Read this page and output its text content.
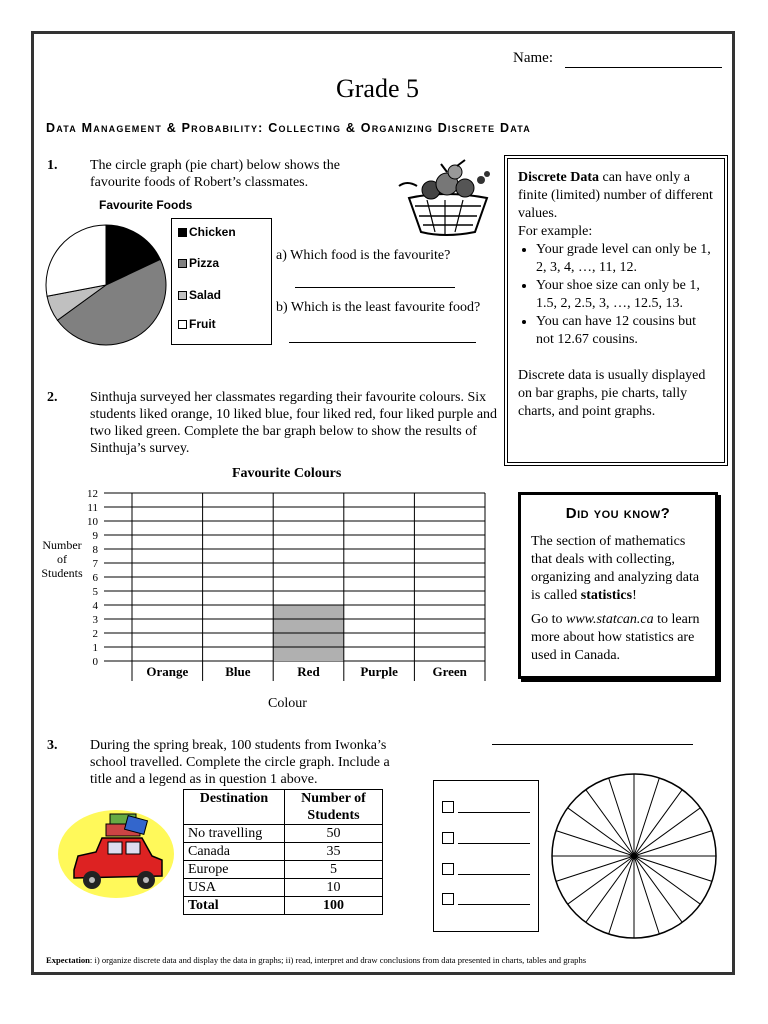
Name:
Grade 5
Data Management & Probability: Collecting & Organizing Discrete Data
1. The circle graph (pie chart) below shows the favourite foods of Robert’s classmates.
Favourite Foods
Chicken
Pizza
Salad
Fruit
a) Which food is the favourite?
b) Which is the least favourite food?
Discrete Data can have only a finite (limited) number of different values.
For example:
• Your grade level can only be 1, 2, 3, 4, …, 11, 12.
• Your shoe size can only be 1, 1.5, 2, 2.5, 3, …, 12.5, 13.
• You can have 12 cousins but not 12.67 cousins.
Discrete data is usually displayed on bar graphs, pie charts, tally charts, and point graphs.
Did you know?
The section of mathematics that deals with collecting, organizing and analyzing data is called statistics!
Go to www.statcan.ca to learn more about how statistics are used in Canada.
2. Sinthuja surveyed her classmates regarding their favourite colours. Six students liked orange, 10 liked blue, four liked red, four liked purple and two liked green. Complete the bar graph below to show the results of Sinthuja’s survey.
Favourite Colours
Number
of
Students
0
1
2
3
4
5
6
7
8
9
10
11
12
Orange	Blue	Red	Purple	Green
Colour
3. During the spring break, 100 students from Iwonka’s school travelled. Complete the circle graph. Include a title and a legend as in question 1 above.
Destination	Number of Students
No travelling	50
Canada	35
Europe	5
USA	10
Total	100
Expectation: i) organize discrete data and display the data in graphs; ii) read, interpret and draw conclusions from data presented in charts, tables and graphs
